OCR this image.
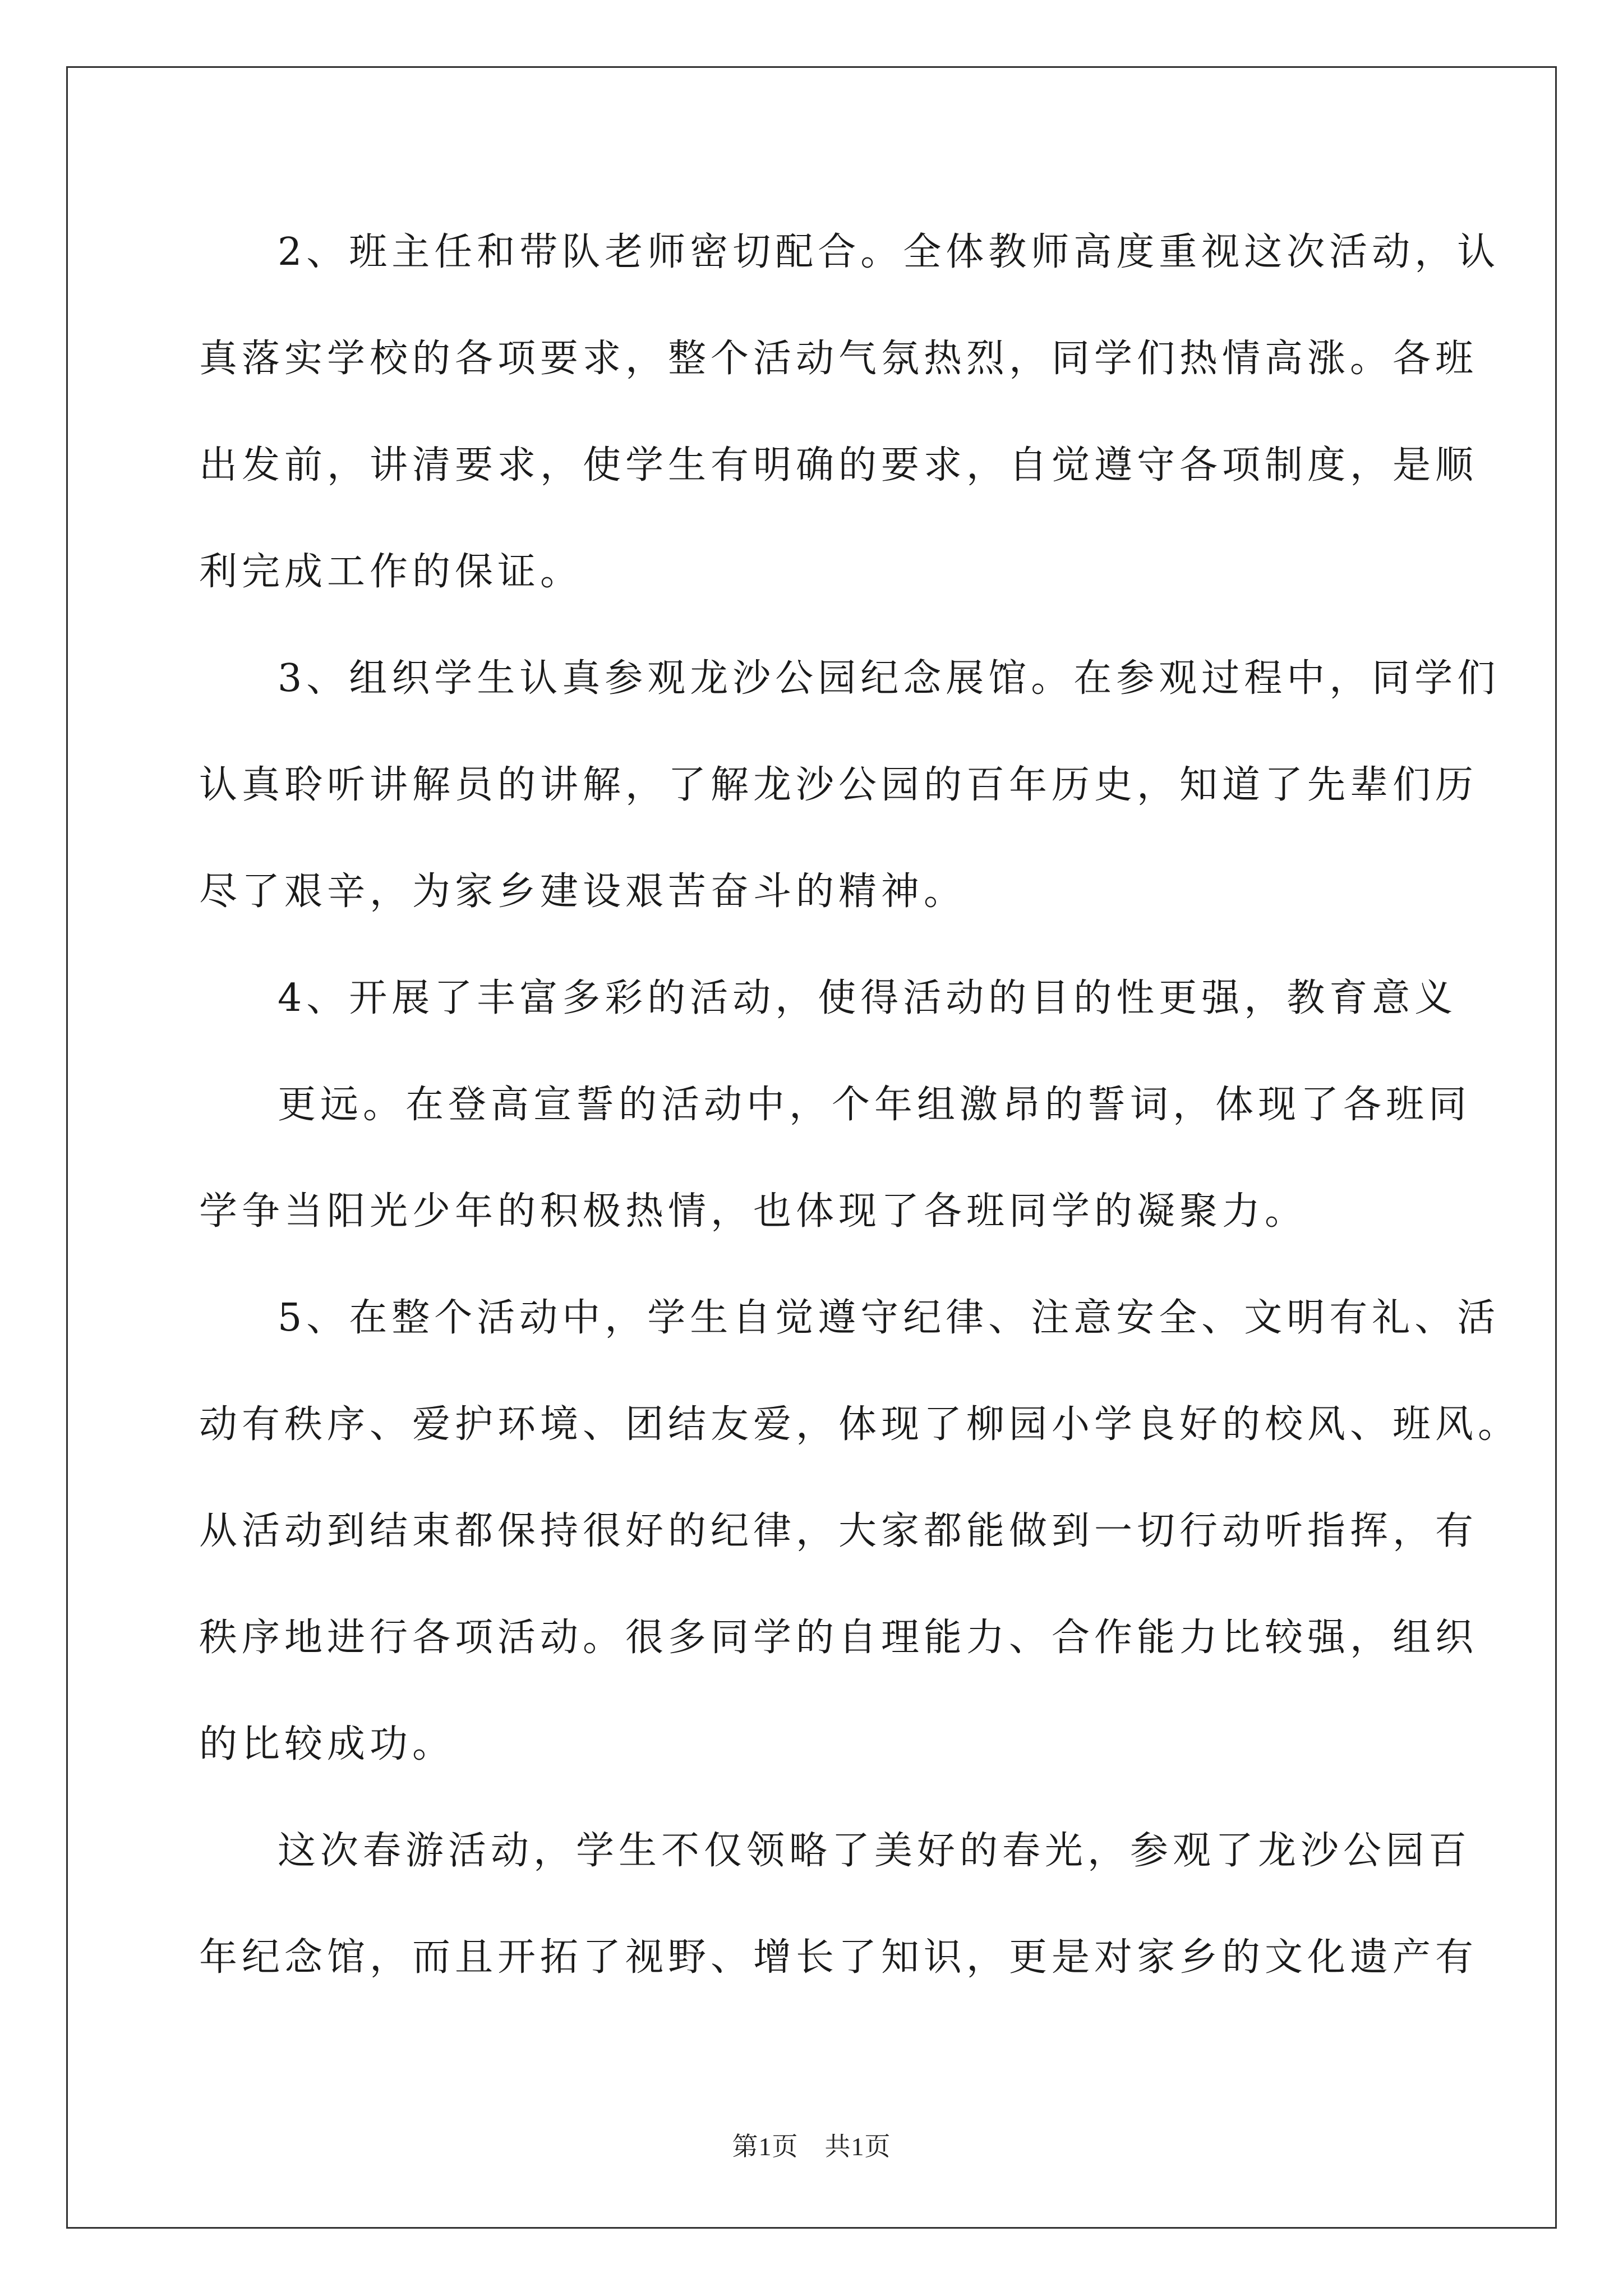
2、班主任和带队老师密切配合。全体教师高度重视这次活动，认
真落实学校的各项要求，整个活动气氛热烈，同学们热情高涨。各班
出发前，讲清要求，使学生有明确的要求，自觉遵守各项制度，是顺
利完成工作的保证。
3、组织学生认真参观龙沙公园纪念展馆。在参观过程中，同学们
认真聆听讲解员的讲解，了解龙沙公园的百年历史，知道了先辈们历
尽了艰辛，为家乡建设艰苦奋斗的精神。
4、开展了丰富多彩的活动，使得活动的目的性更强，教育意义
更远。在登高宣誓的活动中，个年组激昂的誓词，体现了各班同
学争当阳光少年的积极热情，也体现了各班同学的凝聚力。
5、在整个活动中，学生自觉遵守纪律、注意安全、文明有礼、活
动有秩序、爱护环境、团结友爱，体现了柳园小学良好的校风、班风。
从活动到结束都保持很好的纪律，大家都能做到一切行动听指挥，有
秩序地进行各项活动。很多同学的自理能力、合作能力比较强，组织
的比较成功。
这次春游活动，学生不仅领略了美好的春光，参观了龙沙公园百
年纪念馆，而且开拓了视野、增长了知识，更是对家乡的文化遗产有
第1页　共1页
